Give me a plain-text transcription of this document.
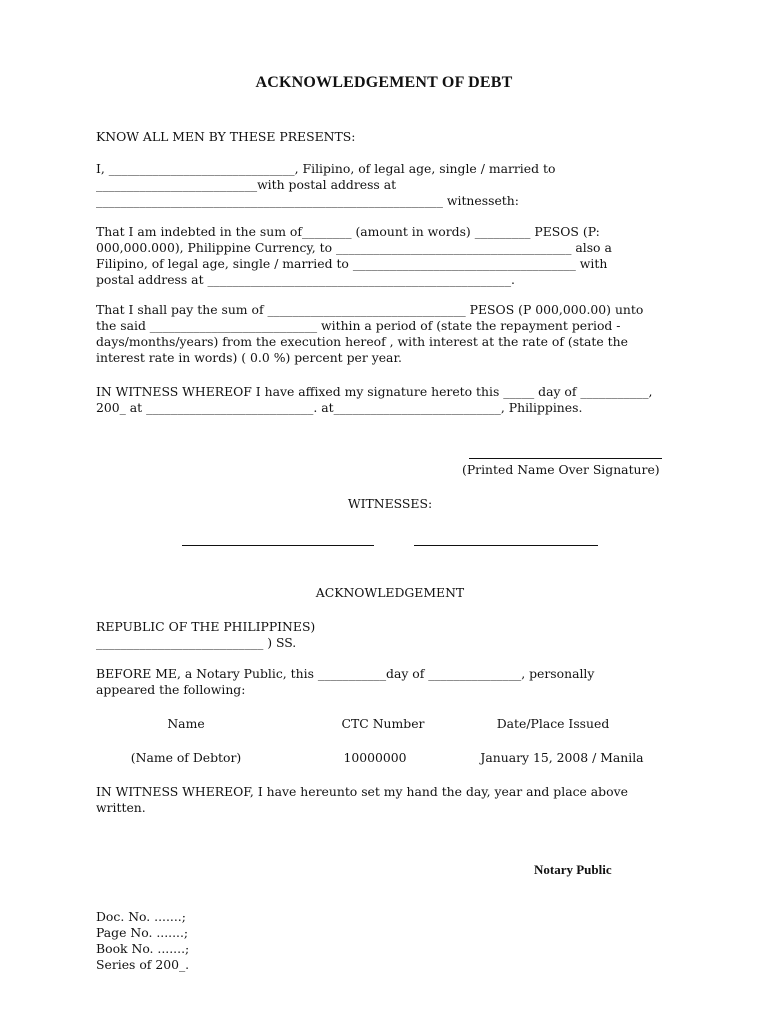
ACKNOWLEDGEMENT OF DEBT
KNOW ALL MEN BY THESE PRESENTS:
I, ______________________________, Filipino, of legal age, single / married to
__________________________with postal address at
________________________________________________________ witnesseth:
That I am indebted in the sum of________ (amount in words) _________ PESOS (P:
000,000.000), Philippine Currency, to ______________________________________ also a
Filipino, of legal age, single / married to ____________________________________ with
postal address at _________________________________________________.
That I shall pay the sum of ________________________________ PESOS (P 000,000.00) unto
the said ___________________________ within a period of (state the repayment period -
days/months/years) from the execution hereof , with interest at the rate of (state the
interest rate in words) ( 0.0 %) percent per year.
IN WITNESS WHEREOF I have affixed my signature hereto this _____ day of ___________,
200_ at ___________________________. at___________________________, Philippines.
(Printed Name Over Signature)
WITNESSES:
ACKNOWLEDGEMENT
REPUBLIC OF THE PHILIPPINES)
___________________________ ) SS.
BEFORE ME, a Notary Public, this ___________day of _______________, personally
appeared the following:
Name	CTC Number	Date/Place Issued
(Name of Debtor)	10000000	January 15, 2008 / Manila
IN WITNESS WHEREOF, I have hereunto set my hand the day, year and place above
written.
Notary Public
Doc. No. .......;
Page No. .......;
Book No. .......;
Series of 200_.
